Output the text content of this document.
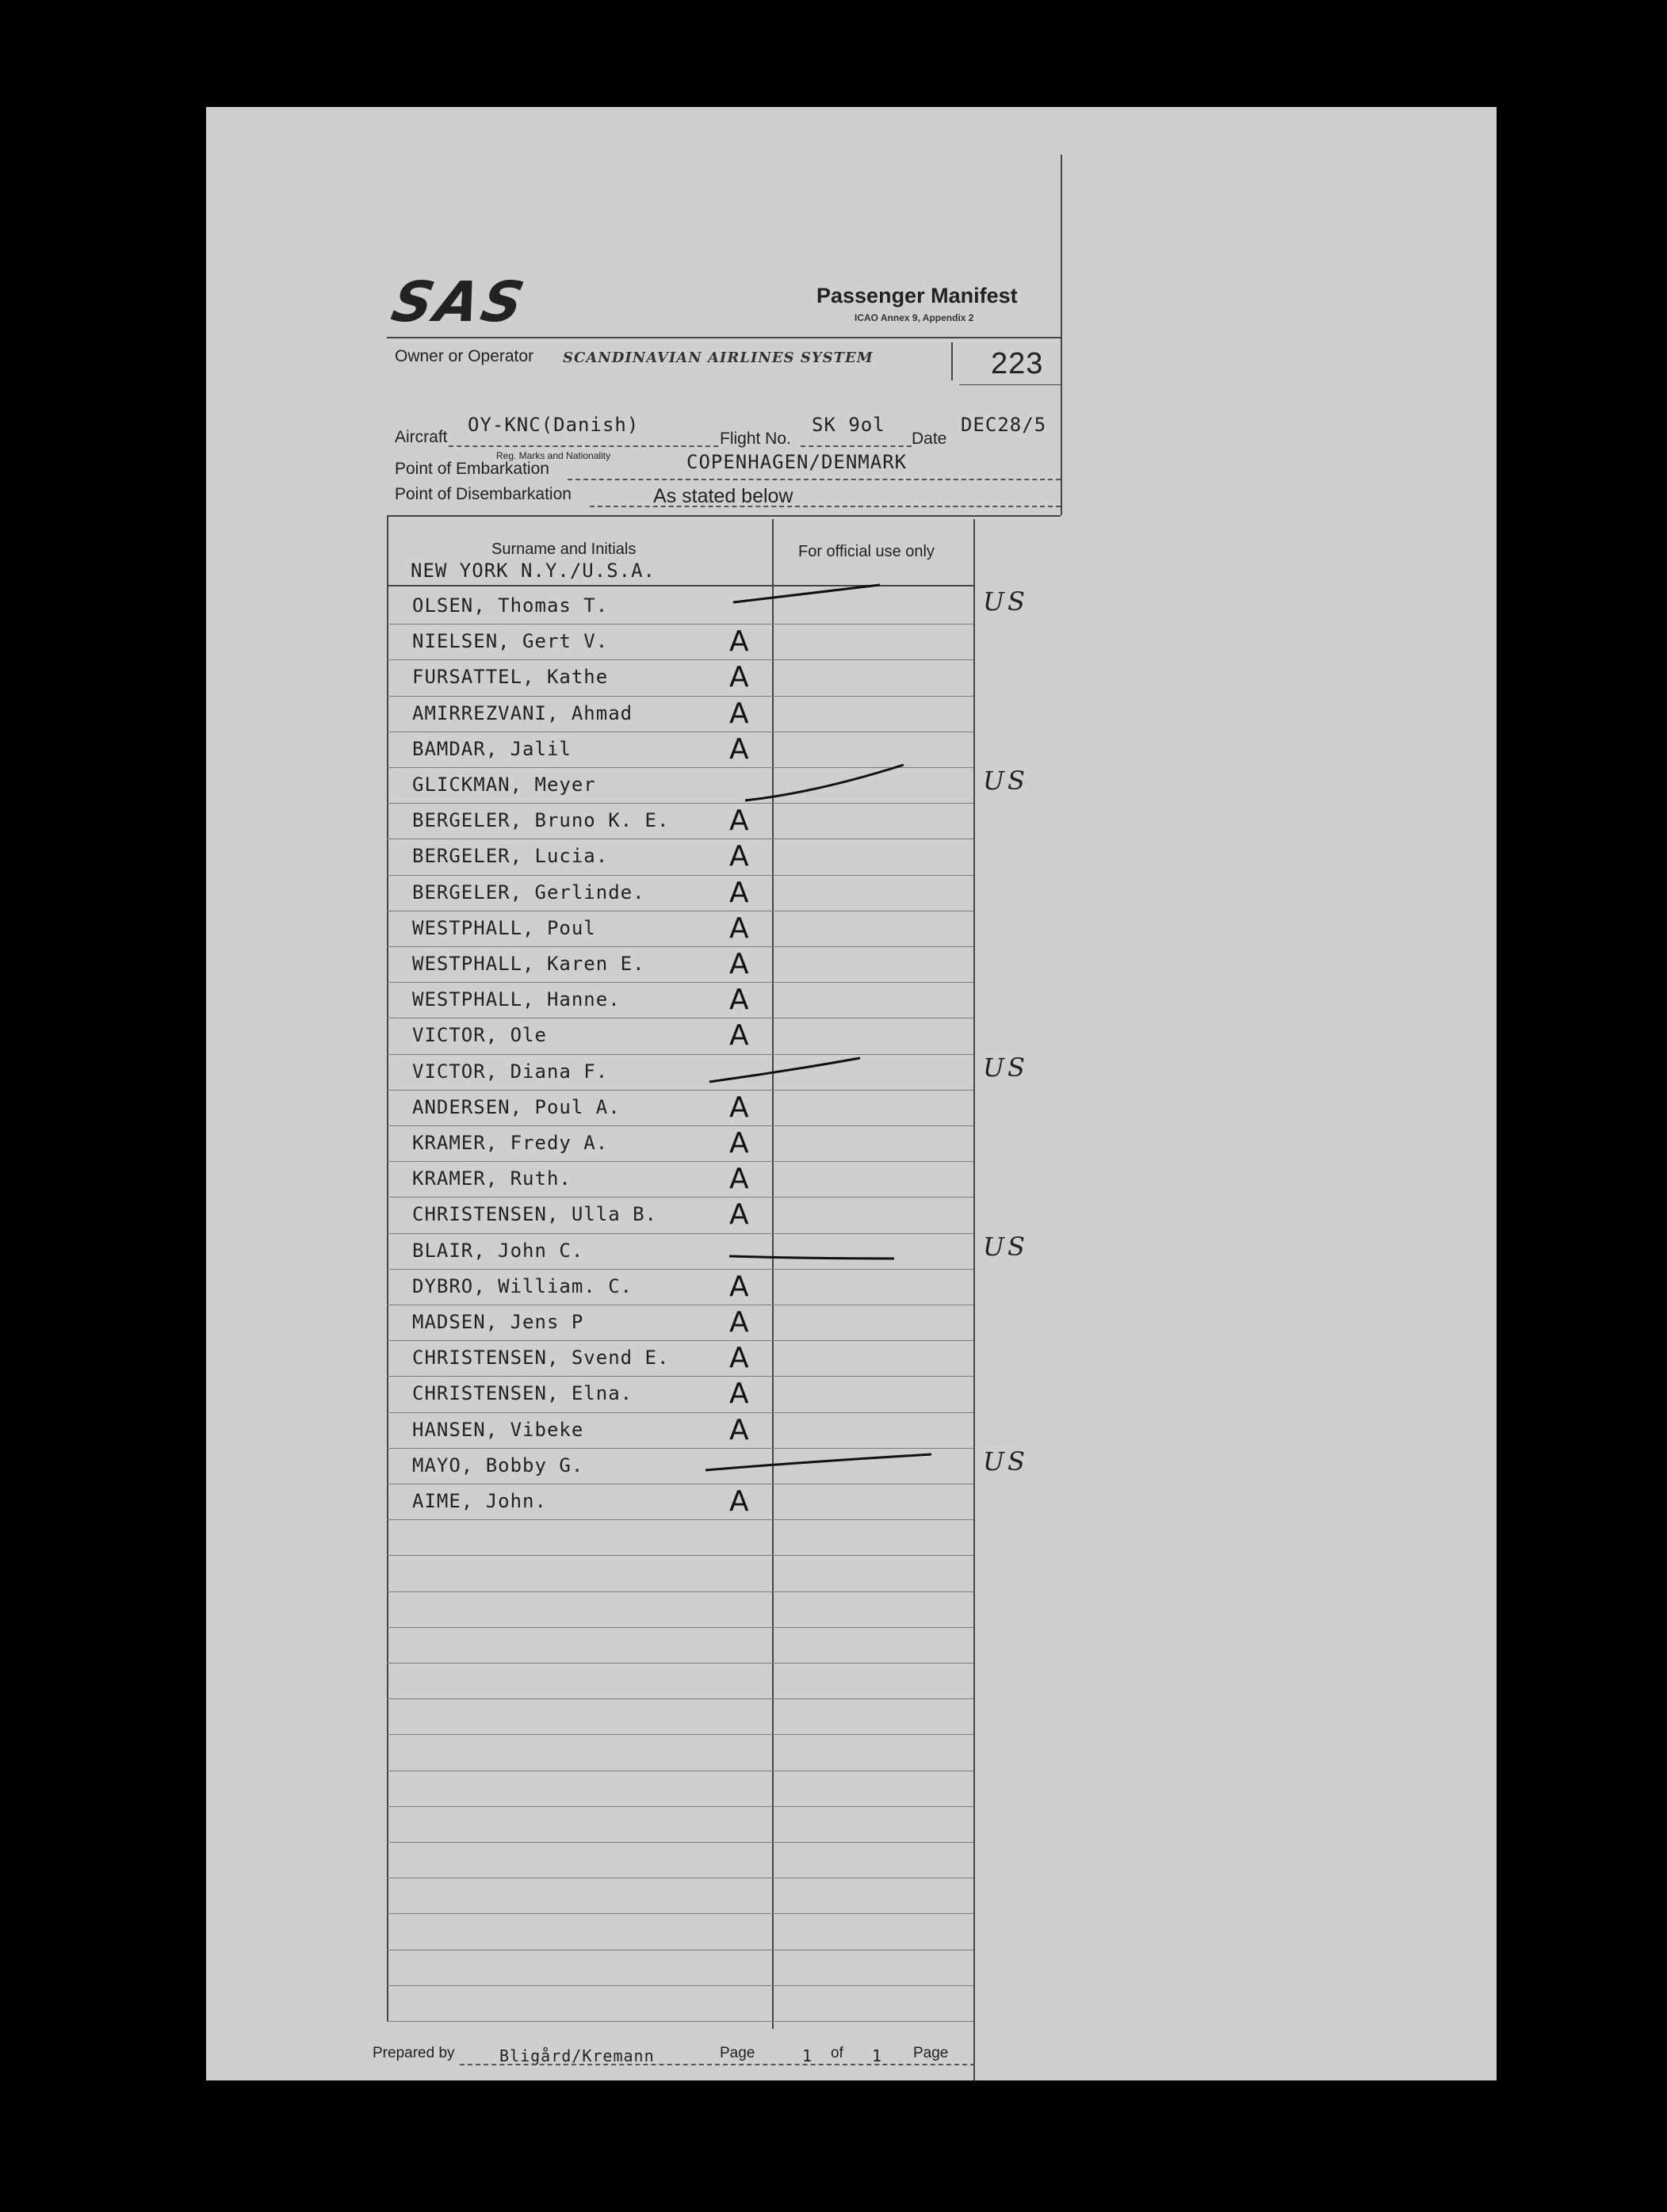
SAS	Passenger Manifest
ICAO Annex 9, Appendix 2
Owner or Operator SCANDINAVIAN AIRLINES SYSTEM	223
Aircraft
OY-KNC(Danish)
Reg. Marks and Nationality
Flight No.
SK 9ol
Date
DEC28/5
Point of Embarkation	COPENHAGEN/DENMARK
Point of Disembarkation	As stated below
Surname and Initials
NEW YORK N.Y./U.S.A.
For official use only
OLSEN, Thomas T.	US
NIELSEN, Gert V.	A
FURSATTEL, Kathe	A
AMIRREZVANI, Ahmad	A
BAMDAR, Jalil	A
GLICKMAN, Meyer	US
BERGELER, Bruno K. E. A
BERGELER, Lucia.	A
BERGELER, Gerlinde.	A
WESTPHALL, Poul	A
WESTPHALL, Karen E.	A
WESTPHALL, Hanne.	A
VICTOR, Ole	A
VICTOR, Diana F.	US
ANDERSEN, Poul A.	A
KRAMER, Fredy A.	A
KRAMER, Ruth.	A
CHRISTENSEN, Ulla B.	A
BLAIR, John C.	US
DYBRO, William. C.	A
MADSEN, Jens P	A
CHRISTENSEN, Svend E. A
CHRISTENSEN, Elna.	A
HANSEN, Vibeke	A
MAYO, Bobby G.	US
AIME, John.	A
Prepared by	Bligård/Kremann	Page	1 of 1 Page
